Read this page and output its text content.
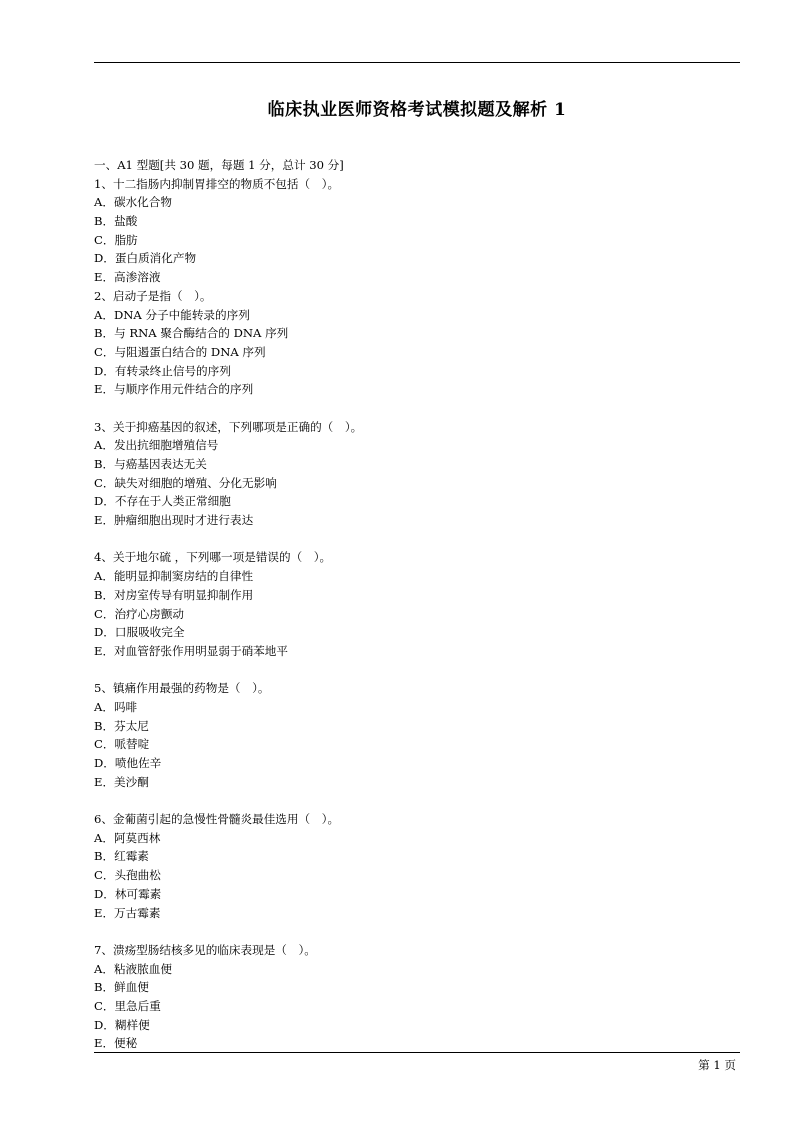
临床执业医师资格考试模拟题及解析 1
一、A1 型题[共 30 题，每题 1 分，总计 30 分]
1、十二指肠内抑制胃排空的物质不包括（　）。
A．碳水化合物
B．盐酸
C．脂肪
D．蛋白质消化产物
E．高渗溶液
2、启动子是指（　）。
A．DNA 分子中能转录的序列
B．与 RNA 聚合酶结合的 DNA 序列
C．与阻遏蛋白结合的 DNA 序列
D．有转录终止信号的序列
E．与顺序作用元件结合的序列
3、关于抑癌基因的叙述，下列哪项是正确的（　）。
A．发出抗细胞增殖信号
B．与癌基因表达无关
C．缺失对细胞的增殖、分化无影响
D．不存在于人类正常细胞
E．肿瘤细胞出现时才进行表达
4、关于地尔硫 ，下列哪一项是错误的（　）。
A．能明显抑制窦房结的自律性
B．对房室传导有明显抑制作用
C．治疗心房颤动
D．口服吸收完全
E．对血管舒张作用明显弱于硝苯地平
5、镇痛作用最强的药物是（　）。
A．吗啡
B．芬太尼
C．哌替啶
D．喷他佐辛
E．美沙酮
6、金葡菌引起的急慢性骨髓炎最佳选用（　）。
A．阿莫西林
B．红霉素
C．头孢曲松
D．林可霉素
E．万古霉素
7、溃疡型肠结核多见的临床表现是（　）。
A．粘液脓血便
B．鲜血便
C．里急后重
D．糊样便
E．便秘
第 1 页
